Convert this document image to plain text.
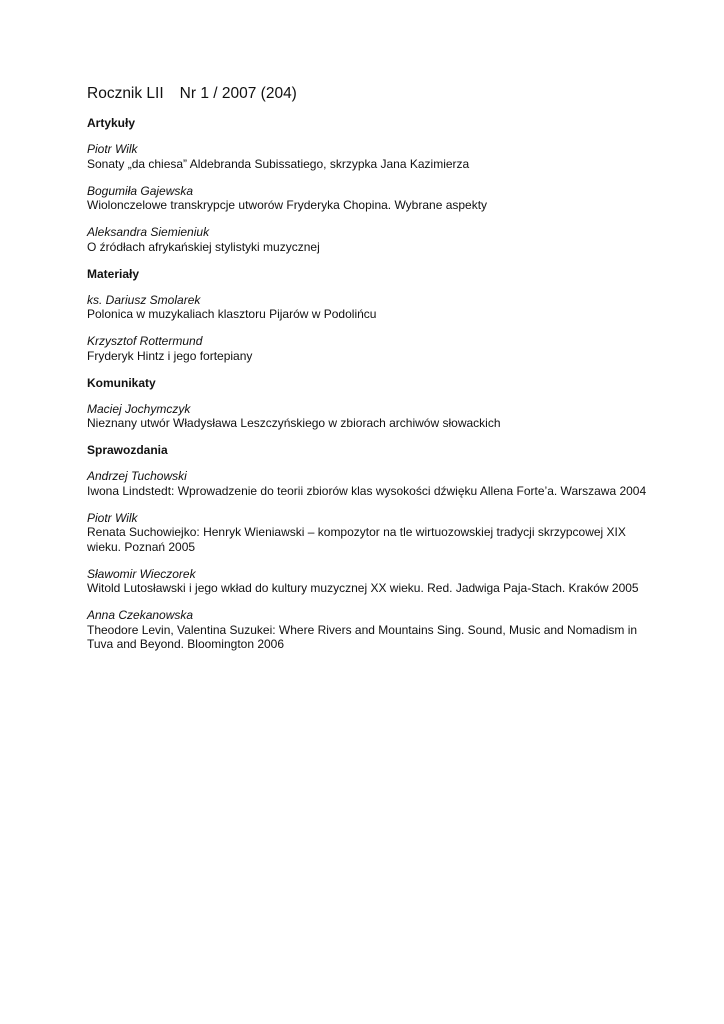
Rocznik LII Nr 1 / 2007 (204)
Artykuły
Piotr Wilk
Sonaty „da chiesa” Aldebranda Subissatiego, skrzypka Jana Kazimierza
Bogumiła Gajewska
Wiolonczelowe transkrypcje utworów Fryderyka Chopina. Wybrane aspekty
Aleksandra Siemieniuk
O źródłach afrykańskiej stylistyki muzycznej
Materiały
ks. Dariusz Smolarek
Polonica w muzykaliach klasztoru Pijarów w Podolińcu
Krzysztof Rottermund
Fryderyk Hintz i jego fortepiany
Komunikaty
Maciej Jochymczyk
Nieznany utwór Władysława Leszczyńskiego w zbiorach archiwów słowackich
Sprawozdania
Andrzej Tuchowski
Iwona Lindstedt: Wprowadzenie do teorii zbiorów klas wysokości dźwięku Allena Forte’a. Warszawa 2004
Piotr Wilk
Renata Suchowiejko: Henryk Wieniawski – kompozytor na tle wirtuozowskiej tradycji skrzypcowej XIX wieku. Poznań 2005
Sławomir Wieczorek
Witold Lutosławski i jego wkład do kultury muzycznej XX wieku. Red. Jadwiga Paja-Stach. Kraków 2005
Anna Czekanowska
Theodore Levin, Valentina Suzukei: Where Rivers and Mountains Sing. Sound, Music and Nomadism in Tuva and Beyond. Bloomington 2006
